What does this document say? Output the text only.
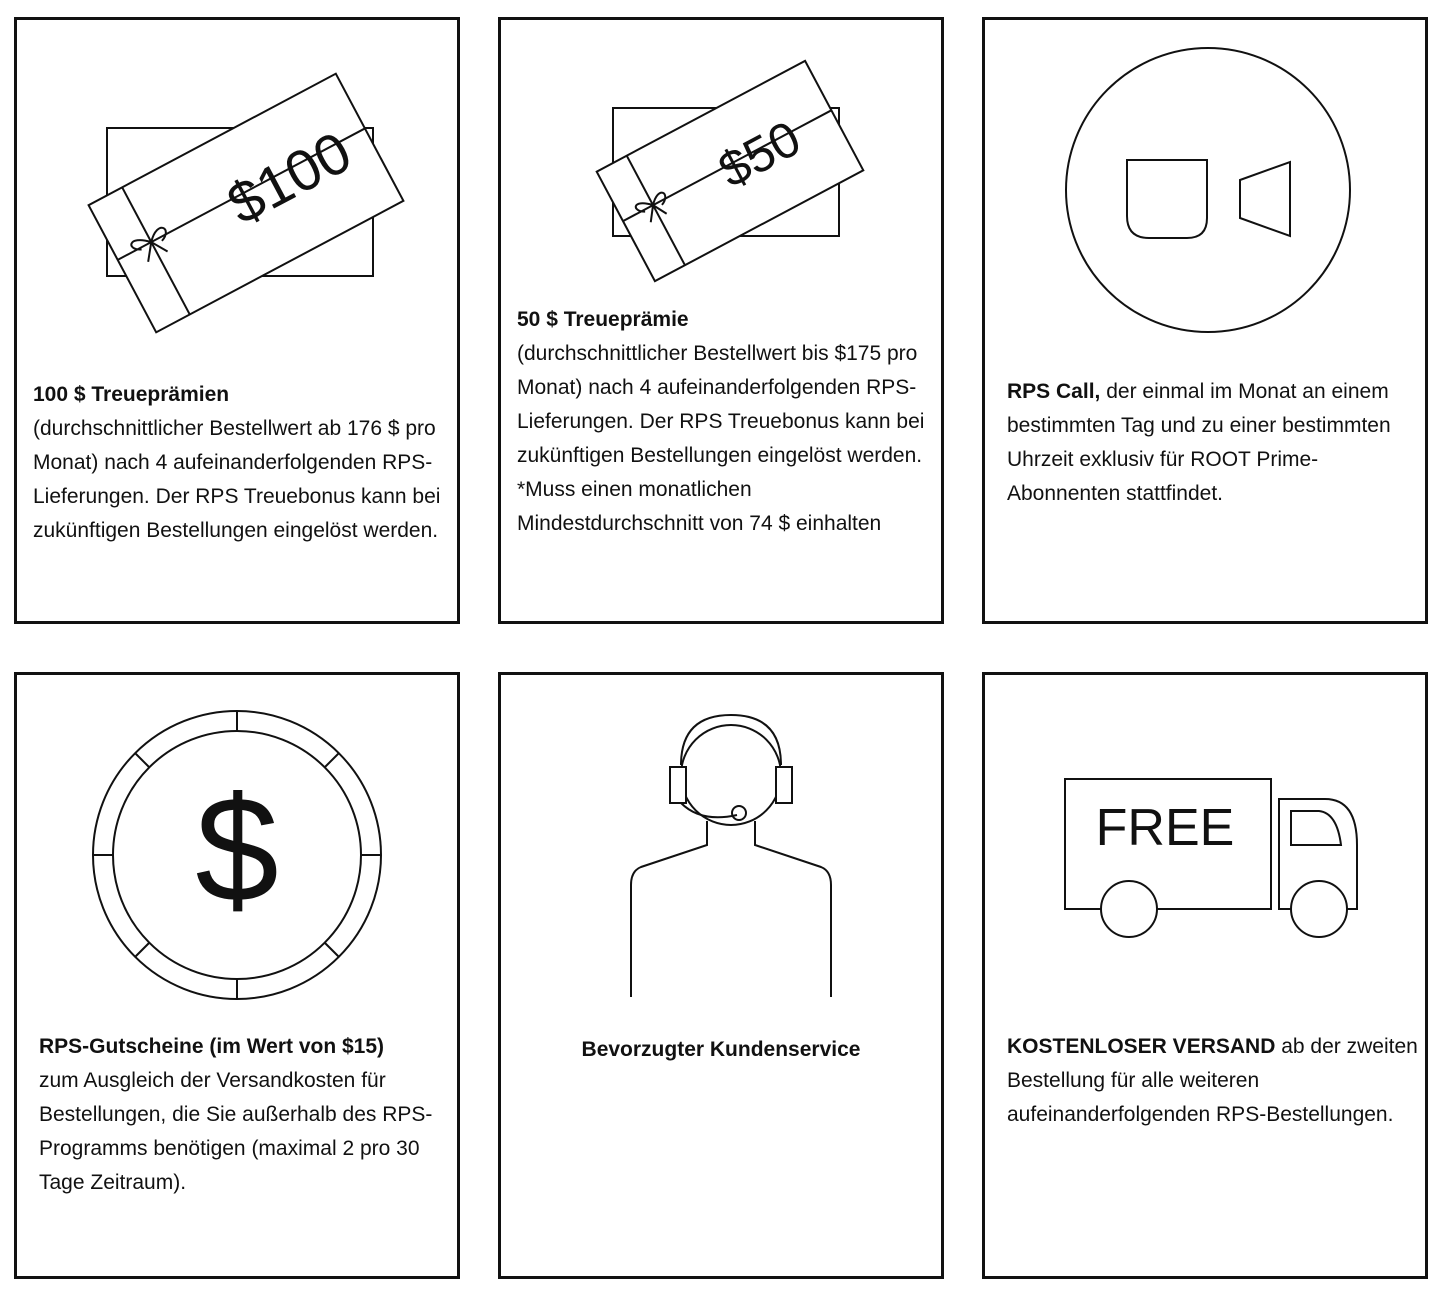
$100
100 $ Treueprämien
(durchschnittlicher Bestellwert ab 176 $ pro Monat) nach 4 aufeinanderfolgenden RPS-Lieferungen. Der RPS Treuebonus kann bei zukünftigen Bestellungen eingelöst werden.
$50
50 $ Treueprämie
(durchschnittlicher Bestellwert bis $175 pro Monat) nach 4 aufeinanderfolgenden RPS-Lieferungen. Der RPS Treuebonus kann bei zukünftigen Bestellungen eingelöst werden.
*Muss einen monatlichen Mindestdurchschnitt von 74 $ einhalten
RPS Call, der einmal im Monat an einem bestimmten Tag und zu einer bestimmten Uhrzeit exklusiv für ROOT Prime-Abonnenten stattfindet.
$
RPS-Gutscheine (im Wert von $15)
zum Ausgleich der Versandkosten für Bestellungen, die Sie außerhalb des RPS-Programms benötigen (maximal 2 pro 30 Tage Zeitraum).
Bevorzugter Kundenservice
FREE
KOSTENLOSER VERSAND ab der zweiten Bestellung für alle weiteren aufeinanderfolgenden RPS-Bestellungen.
